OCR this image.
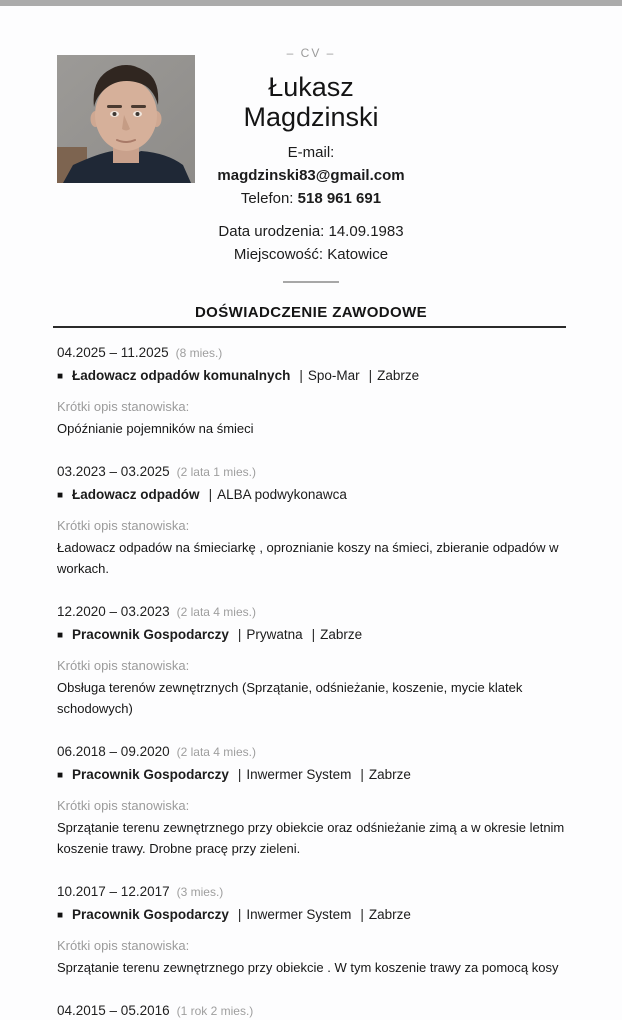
– CV –
Łukasz Magdzinski
E-mail:
magdzinski83@gmail.com
Telefon: 518 961 691
Data urodzenia: 14.09.1983
Miejscowość: Katowice
DOŚWIADCZENIE ZAWODOWE
04.2025 – 11.2025 (8 mies.)
■ Ładowacz odpadów komunalnych | Spo-Mar | Zabrze
Krótki opis stanowiska:
Opóźnianie pojemników na śmieci
03.2023 – 03.2025 (2 lata 1 mies.)
■ Ładowacz odpadów | ALBA podwykonawca
Krótki opis stanowiska:
Ładowacz odpadów na śmieciarkę , oproznianie koszy na śmieci, zbieranie odpadów w workach.
12.2020 – 03.2023 (2 lata 4 mies.)
■ Pracownik Gospodarczy | Prywatna | Zabrze
Krótki opis stanowiska:
Obsługa terenów zewnętrznych (Sprzątanie, odśnieżanie, koszenie, mycie klatek schodowych)
06.2018 – 09.2020 (2 lata 4 mies.)
■ Pracownik Gospodarczy | Inwermer System | Zabrze
Krótki opis stanowiska:
Sprzątanie terenu zewnętrznego przy obiekcie oraz odśnieżanie zimą a w okresie letnim koszenie trawy. Drobne pracę przy zieleni.
10.2017 – 12.2017 (3 mies.)
■ Pracownik Gospodarczy | Inwermer System | Zabrze
Krótki opis stanowiska:
Sprzątanie terenu zewnętrznego przy obiekcie . W tym koszenie trawy za pomocą kosy
04.2015 – 05.2016 (1 rok 2 mies.)
